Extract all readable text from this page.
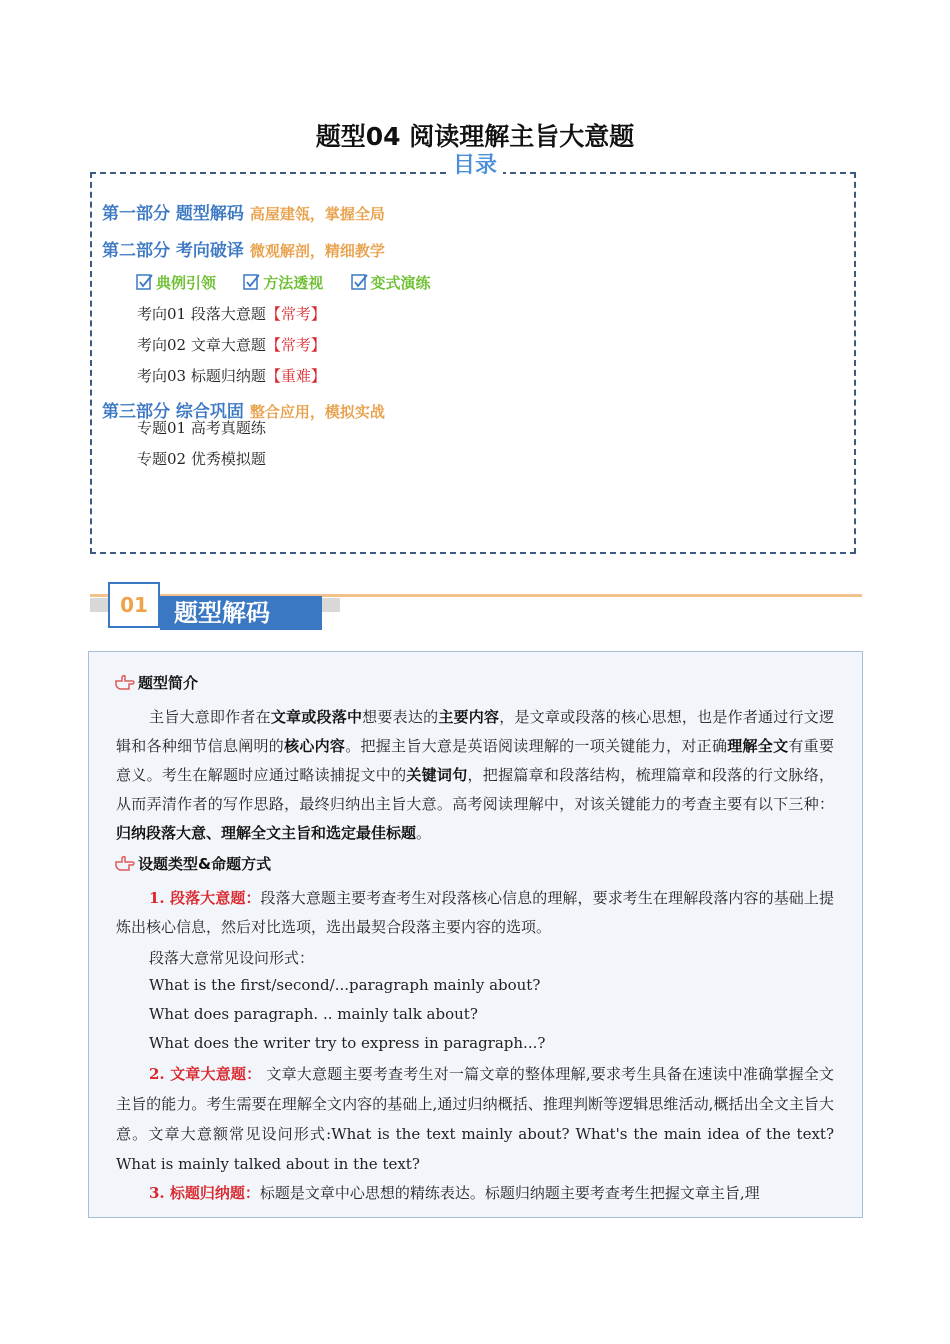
题型04 阅读理解主旨大意题
目录
第一部分 题型解码 高屋建瓴，掌握全局
第二部分 考向破译 微观解剖，精细教学
典例引领	方法透视	变式演练
考向01 段落大意题【常考】
考向02 文章大意题【常考】
考向03 标题归纳题【重难】
第三部分 综合巩固 整合应用，模拟实战
专题01 高考真题练
专题02 优秀模拟题
01	题型解码
题型简介
主旨大意即作者在文章或段落中想要表达的主要内容，是文章或段落的核心思想，也是作者通过行文逻辑和各种细节信息阐明的核心内容。把握主旨大意是英语阅读理解的一项关键能力，对正确理解全文有重要意义。考生在解题时应通过略读捕捉文中的关键词句，把握篇章和段落结构，梳理篇章和段落的行文脉络，从而弄清作者的写作思路，最终归纳出主旨大意。高考阅读理解中，对该关键能力的考查主要有以下三种：归纳段落大意、理解全文主旨和选定最佳标题。
设题类型&命题方式
1. 段落大意题：段落大意题主要考查考生对段落核心信息的理解，要求考生在理解段落内容的基础上提炼出核心信息，然后对比选项，选出最契合段落主要内容的选项。
段落大意常见设问形式：
What is the first/second/...paragraph mainly about?
What does paragraph. .. mainly talk about?
What does the writer try to express in paragraph...?
2. 文章大意题： 文章大意题主要考查考生对一篇文章的整体理解,要求考生具备在速读中准确掌握全文主旨的能力。考生需要在理解全文内容的基础上,通过归纳概括、推理判断等逻辑思维活动,概括出全文主旨大意。文章大意额常见设问形式:What is the text mainly about? What's the main idea of the text? What is mainly talked about in the text?
3. 标题归纳题：标题是文章中心思想的精练表达。标题归纳题主要考查考生把握文章主旨,理
